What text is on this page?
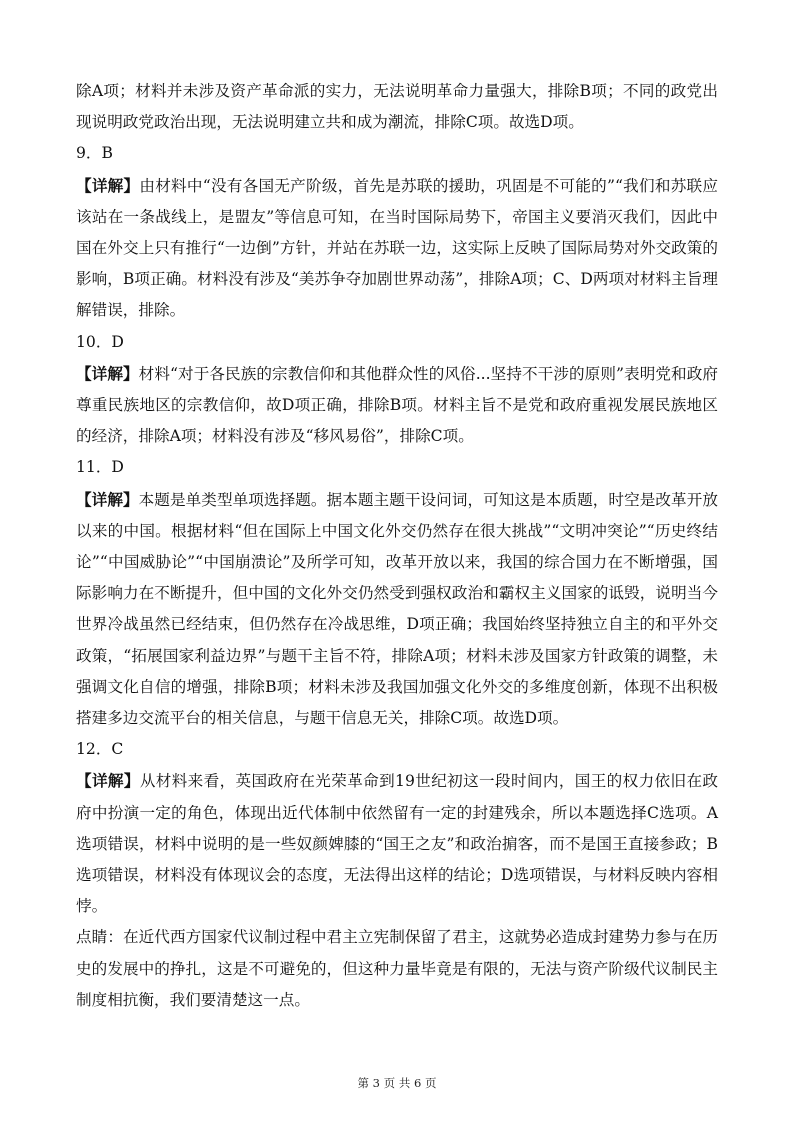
除A项；材料并未涉及资产革命派的实力，无法说明革命力量强大，排除B项；不同的政党出现说明政党政治出现，无法说明建立共和成为潮流，排除C项。故选D项。

9．B

【详解】由材料中“没有各国无产阶级，首先是苏联的援助，巩固是不可能的”“我们和苏联应该站在一条战线上，是盟友”等信息可知，在当时国际局势下，帝国主义要消灭我们，因此中国在外交上只有推行“一边倒”方针，并站在苏联一边，这实际上反映了国际局势对外交政策的影响，B项正确。材料没有涉及“美苏争夺加剧世界动荡”，排除A项；C、D两项对材料主旨理解错误，排除。

10．D

【详解】材料“对于各民族的宗教信仰和其他群众性的风俗...坚持不干涉的原则”表明党和政府尊重民族地区的宗教信仰，故D项正确，排除B项。材料主旨不是党和政府重视发展民族地区的经济，排除A项；材料没有涉及“移风易俗”，排除C项。

11．D

【详解】本题是单类型单项选择题。据本题主题干设问词，可知这是本质题，时空是改革开放以来的中国。根据材料“但在国际上中国文化外交仍然存在很大挑战”“文明冲突论”“历史终结论”“中国威胁论”“中国崩溃论”及所学可知，改革开放以来，我国的综合国力在不断增强，国际影响力在不断提升，但中国的文化外交仍然受到强权政治和霸权主义国家的诋毁，说明当今世界冷战虽然已经结束，但仍然存在冷战思维，D项正确；我国始终坚持独立自主的和平外交政策，“拓展国家利益边界”与题干主旨不符，排除A项；材料未涉及国家方针政策的调整，未强调文化自信的增强，排除B项；材料未涉及我国加强文化外交的多维度创新，体现不出积极搭建多边交流平台的相关信息，与题干信息无关，排除C项。故选D项。

12．C

【详解】从材料来看，英国政府在光荣革命到19世纪初这一段时间内，国王的权力依旧在政府中扮演一定的角色，体现出近代体制中依然留有一定的封建残余，所以本题选择C选项。A选项错误，材料中说明的是一些奴颜婢膝的“国王之友”和政治掮客，而不是国王直接参政；B选项错误，材料没有体现议会的态度，无法得出这样的结论；D选项错误，与材料反映内容相悖。

点睛：在近代西方国家代议制过程中君主立宪制保留了君主，这就势必造成封建势力参与在历史的发展中的挣扎，这是不可避免的，但这种力量毕竟是有限的，无法与资产阶级代议制民主制度相抗衡，我们要清楚这一点。

第 3 页 共 6 页
